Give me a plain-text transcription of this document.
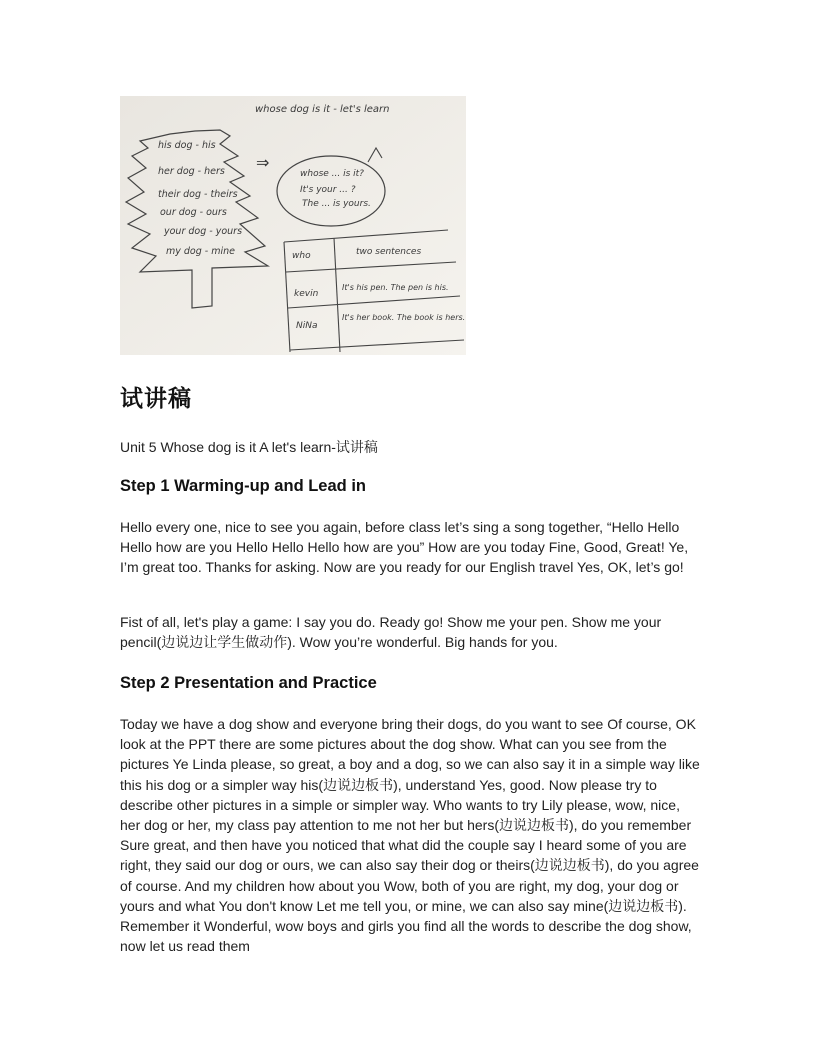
whose dog is it - let's learn
his dog - his
her dog - hers
their dog - theirs
our dog - ours
your dog - yours
my dog - mine
⇒
whose ... is it?
It's your ... ?
The ... is yours.
who	two sentences
kevin
It's his pen. The pen is his.
NiNa
It's her book. The book is hers.
试讲稿
Unit 5 Whose dog is it A let's learn-试讲稿
Step 1 Warming-up and Lead in
Hello every one, nice to see you again, before class let’s sing a song together, “Hello Hello Hello how are you Hello Hello Hello how are you” How are you today Fine, Good, Great! Ye, I’m great too. Thanks for asking. Now are you ready for our English travel Yes, OK, let’s go!
Fist of all, let's play a game: I say you do. Ready go! Show me your pen. Show me your pencil(边说边让学生做动作). Wow you’re wonderful. Big hands for you.
Step 2 Presentation and Practice
Today we have a dog show and everyone bring their dogs, do you want to see Of course, OK look at the PPT there are some pictures about the dog show. What can you see from the pictures Ye Linda please, so great, a boy and a dog, so we can also say it in a simple way like this his dog or a simpler way his(边说边板书), understand Yes, good. Now please try to describe other pictures in a simple or simpler way. Who wants to try Lily please, wow, nice, her dog or her, my class pay attention to me not her but hers(边说边板书), do you remember Sure great, and then have you noticed that what did the couple say I heard some of you are right, they said our dog or ours, we can also say their dog or theirs(边说边板书), do you agree of course. And my children how about you Wow, both of you are right, my dog, your dog or yours and what You don't know Let me tell you, or mine, we can also say mine(边说边板书). Remember it Wonderful, wow boys and girls you find all the words to describe the dog show, now let us read them
